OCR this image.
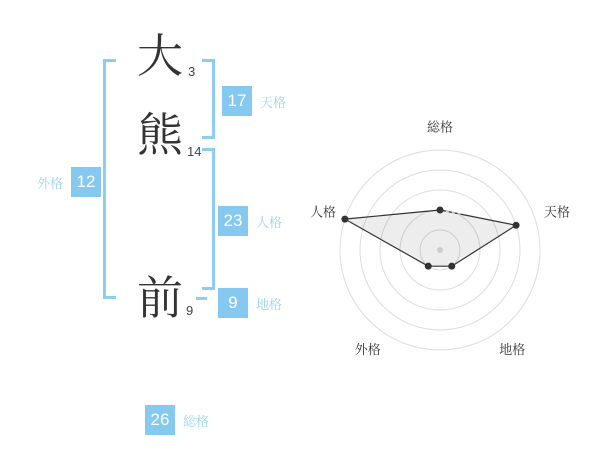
大
熊
前
3
14
9
17	天格
23	人格
9	地格
外格 12
26	総格
総格
天格
地格
外格
人格
